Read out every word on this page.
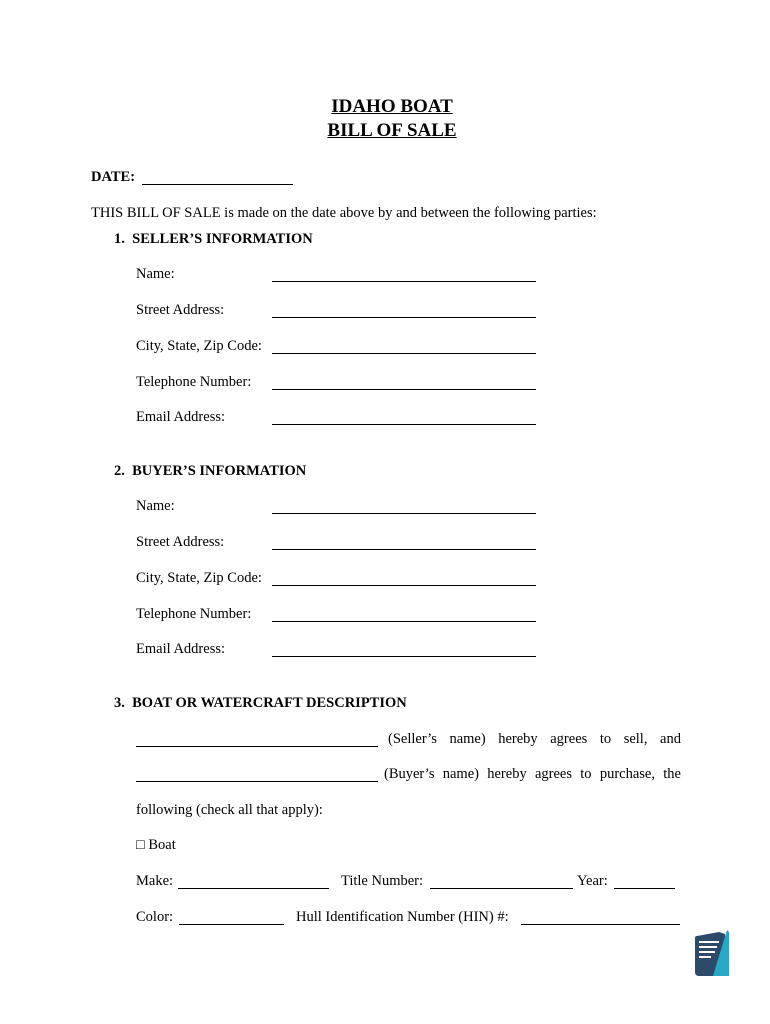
IDAHO BOAT
BILL OF SALE
DATE:
THIS BILL OF SALE is made on the date above by and between the following parties:
1.  SELLER’S INFORMATION
Name:
Street Address:
City, State, Zip Code:
Telephone Number:
Email Address:
2.  BUYER’S INFORMATION
Name:
Street Address:
City, State, Zip Code:
Telephone Number:
Email Address:
3.  BOAT OR WATERCRAFT DESCRIPTION
(Seller’s name) hereby agrees to sell, and
(Buyer’s name) hereby agrees to purchase, the
following (check all that apply):
□ Boat
Make:	Title Number:	Year:
Color:	Hull Identification Number (HIN) #:
